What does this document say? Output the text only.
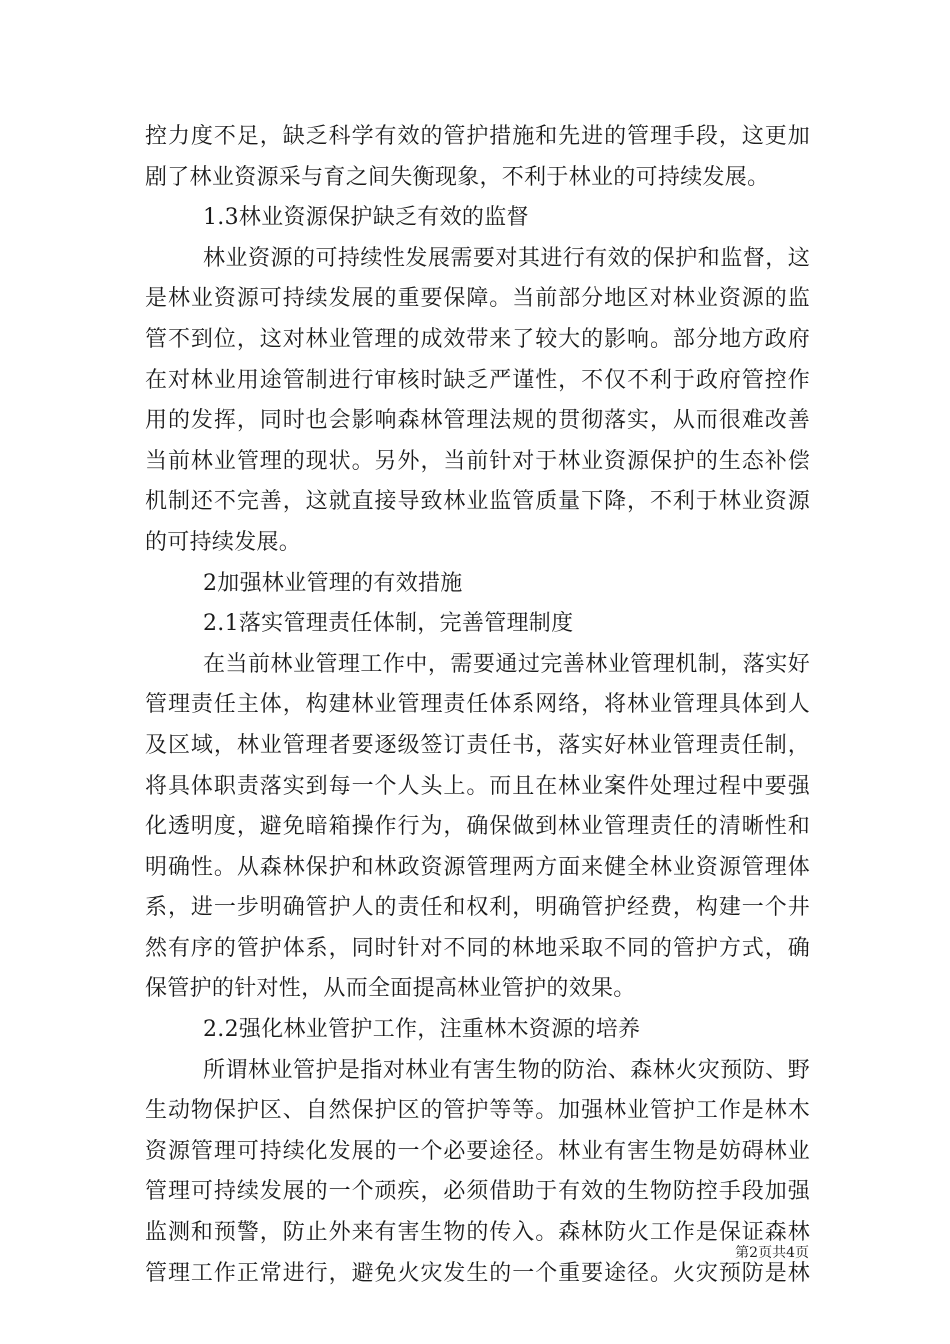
控力度不足，缺乏科学有效的管护措施和先进的管理手段，这更加
剧了林业资源采与育之间失衡现象，不利于林业的可持续发展。
1.3林业资源保护缺乏有效的监督
林业资源的可持续性发展需要对其进行有效的保护和监督，这
是林业资源可持续发展的重要保障。当前部分地区对林业资源的监
管不到位，这对林业管理的成效带来了较大的影响。部分地方政府
在对林业用途管制进行审核时缺乏严谨性，不仅不利于政府管控作
用的发挥，同时也会影响森林管理法规的贯彻落实，从而很难改善
当前林业管理的现状。另外，当前针对于林业资源保护的生态补偿
机制还不完善，这就直接导致林业监管质量下降，不利于林业资源
的可持续发展。
2加强林业管理的有效措施
2.1落实管理责任体制，完善管理制度
在当前林业管理工作中，需要通过完善林业管理机制，落实好
管理责任主体，构建林业管理责任体系网络，将林业管理具体到人
及区域，林业管理者要逐级签订责任书，落实好林业管理责任制，
将具体职责落实到每一个人头上。而且在林业案件处理过程中要强
化透明度，避免暗箱操作行为，确保做到林业管理责任的清晰性和
明确性。从森林保护和林政资源管理两方面来健全林业资源管理体
系，进一步明确管护人的责任和权利，明确管护经费，构建一个井
然有序的管护体系，同时针对不同的林地采取不同的管护方式，确
保管护的针对性，从而全面提高林业管护的效果。
2.2强化林业管护工作，注重林木资源的培养
所谓林业管护是指对林业有害生物的防治、森林火灾预防、野
生动物保护区、自然保护区的管护等等。加强林业管护工作是林木
资源管理可持续化发展的一个必要途径。林业有害生物是妨碍林业
管理可持续发展的一个顽疾，必须借助于有效的生物防控手段加强
监测和预警，防止外来有害生物的传入。森林防火工作是保证森林
管理工作正常进行，避免火灾发生的一个重要途径。火灾预防是林
第2页共4页
